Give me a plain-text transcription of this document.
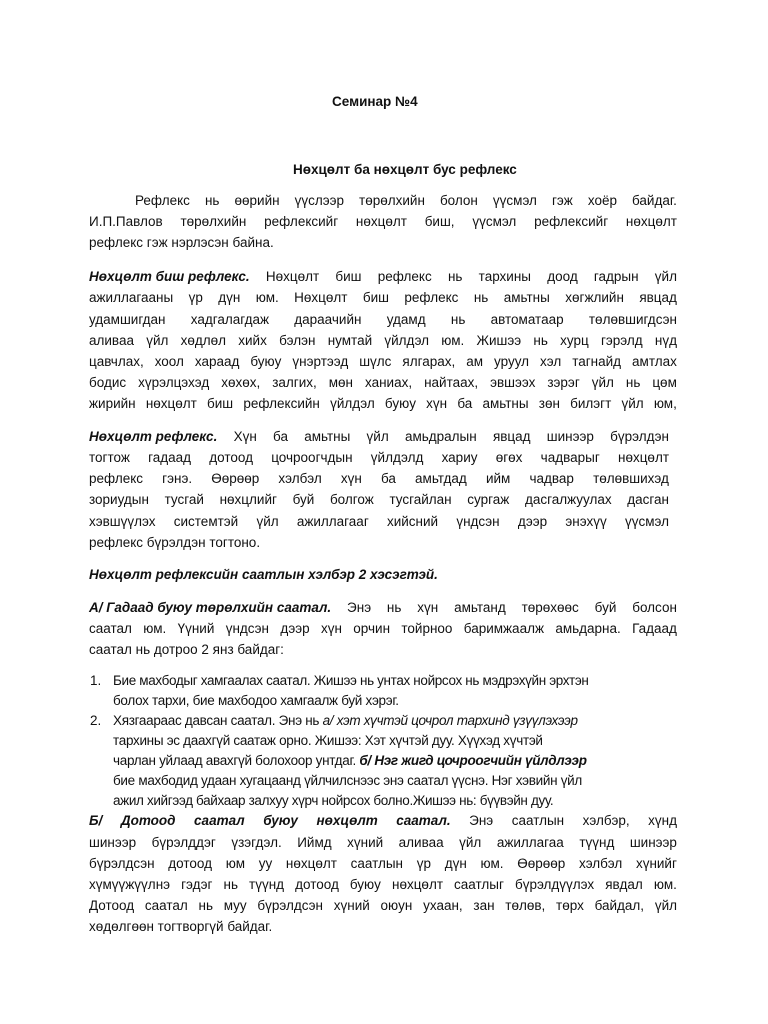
Семинар №4
Нөхцөлт ба нөхцөлт бус рефлекс
Рефлекс нь өөрийн үүслээр төрөлхийн болон үүсмэл гэж хоёр байдаг.
И.П.Павлов төрөлхийн рефлексийг нөхцөлт биш, үүсмэл рефлексийг нөхцөлт
рефлекс гэж нэрлэсэн байна.
Нөхцөлт биш рефлекс. Нөхцөлт биш рефлекс нь тархины доод гадрын үйл
ажиллагааны үр дүн юм. Нөхцөлт биш рефлекс нь амьтны хөгжлийн явцад
удамшигдан хадгалагдаж дараачийн удамд нь автоматаар төлөвшигдсэн
аливаа үйл хөдлөл хийх бэлэн нумтай үйлдэл юм. Жишээ нь хурц гэрэлд нүд
цавчлах, хоол хараад буюу үнэртээд шүлс ялгарах, ам уруул хэл тагнайд амтлах
бодис хүрэлцэхэд хөхөх, залгих, мөн ханиах, найтаах, эвшээх зэрэг үйл нь цөм
жирийн нөхцөлт биш рефлексийн үйлдэл буюу хүн ба амьтны зөн билэгт үйл юм,
Нөхцөлт рефлекс. Хүн ба амьтны үйл амьдралын явцад шинээр бүрэлдэн
тогтож гадаад дотоод цочроогчдын үйлдэлд хариу өгөх чадварыг нөхцөлт
рефлекс гэнэ. Өөрөөр хэлбэл хүн ба амьтдад ийм чадвар төлөвшихэд
зориудын тусгай нөхцлийг буй болгож тусгайлан сургаж дасгалжуулах дасган
хэвшүүлэх системтэй үйл ажиллагааг хийсний үндсэн дээр энэхүү үүсмэл
рефлекс бүрэлдэн тогтоно.
Нөхцөлт рефлексийн саатлын хэлбэр 2 хэсэгтэй.
А/ Гадаад буюу төрөлхийн саатал. Энэ нь хүн амьтанд төрөхөөс буй болсон
саатал юм. Үүний үндсэн дээр хүн орчин тойрноо баримжаалж амьдарна. Гадаад
саатал нь дотроо 2 янз байдаг:
1. Бие махбодыг хамгаалах саатал. Жишээ нь унтах нойрсох нь мэдрэхүйн эрхтэн
болох тархи, бие махбодоо хамгаалж буй хэрэг.
2. Хязгаараас давсан саатал. Энэ нь а/ хэт хүчтэй цочрол тархинд үзүүлэхээр
тархины эс даахгүй саатаж орно. Жишээ: Хэт хүчтэй дуу. Хүүхэд хүчтэй
чарлан уйлаад авахгүй болохоор унтдаг. б/ Нэг жигд цочроогчийн үйлдлээр
бие махбодид удаан хугацаанд үйлчилснээс энэ саатал үүснэ. Нэг хэвийн үйл
ажил хийгээд байхаар залхуу хүрч нойрсох болно.Жишээ нь: бүүвэйн дуу.
Б/ Дотоод саатал буюу нөхцөлт саатал. Энэ саатлын хэлбэр, хүнд
шинээр бүрэлддэг үзэгдэл. Иймд хүний аливаа үйл ажиллагаа түүнд шинээр
бүрэлдсэн дотоод юм уу нөхцөлт саатлын үр дүн юм. Өөрөөр хэлбэл хүнийг
хүмүүжүүлнэ гэдэг нь түүнд дотоод буюу нөхцөлт саатлыг бүрэлдүүлэх явдал юм.
Дотоод саатал нь муу бүрэлдсэн хүний оюун ухаан, зан төлөв, төрх байдал, үйл
хөдөлгөөн тогтворгүй байдаг.
